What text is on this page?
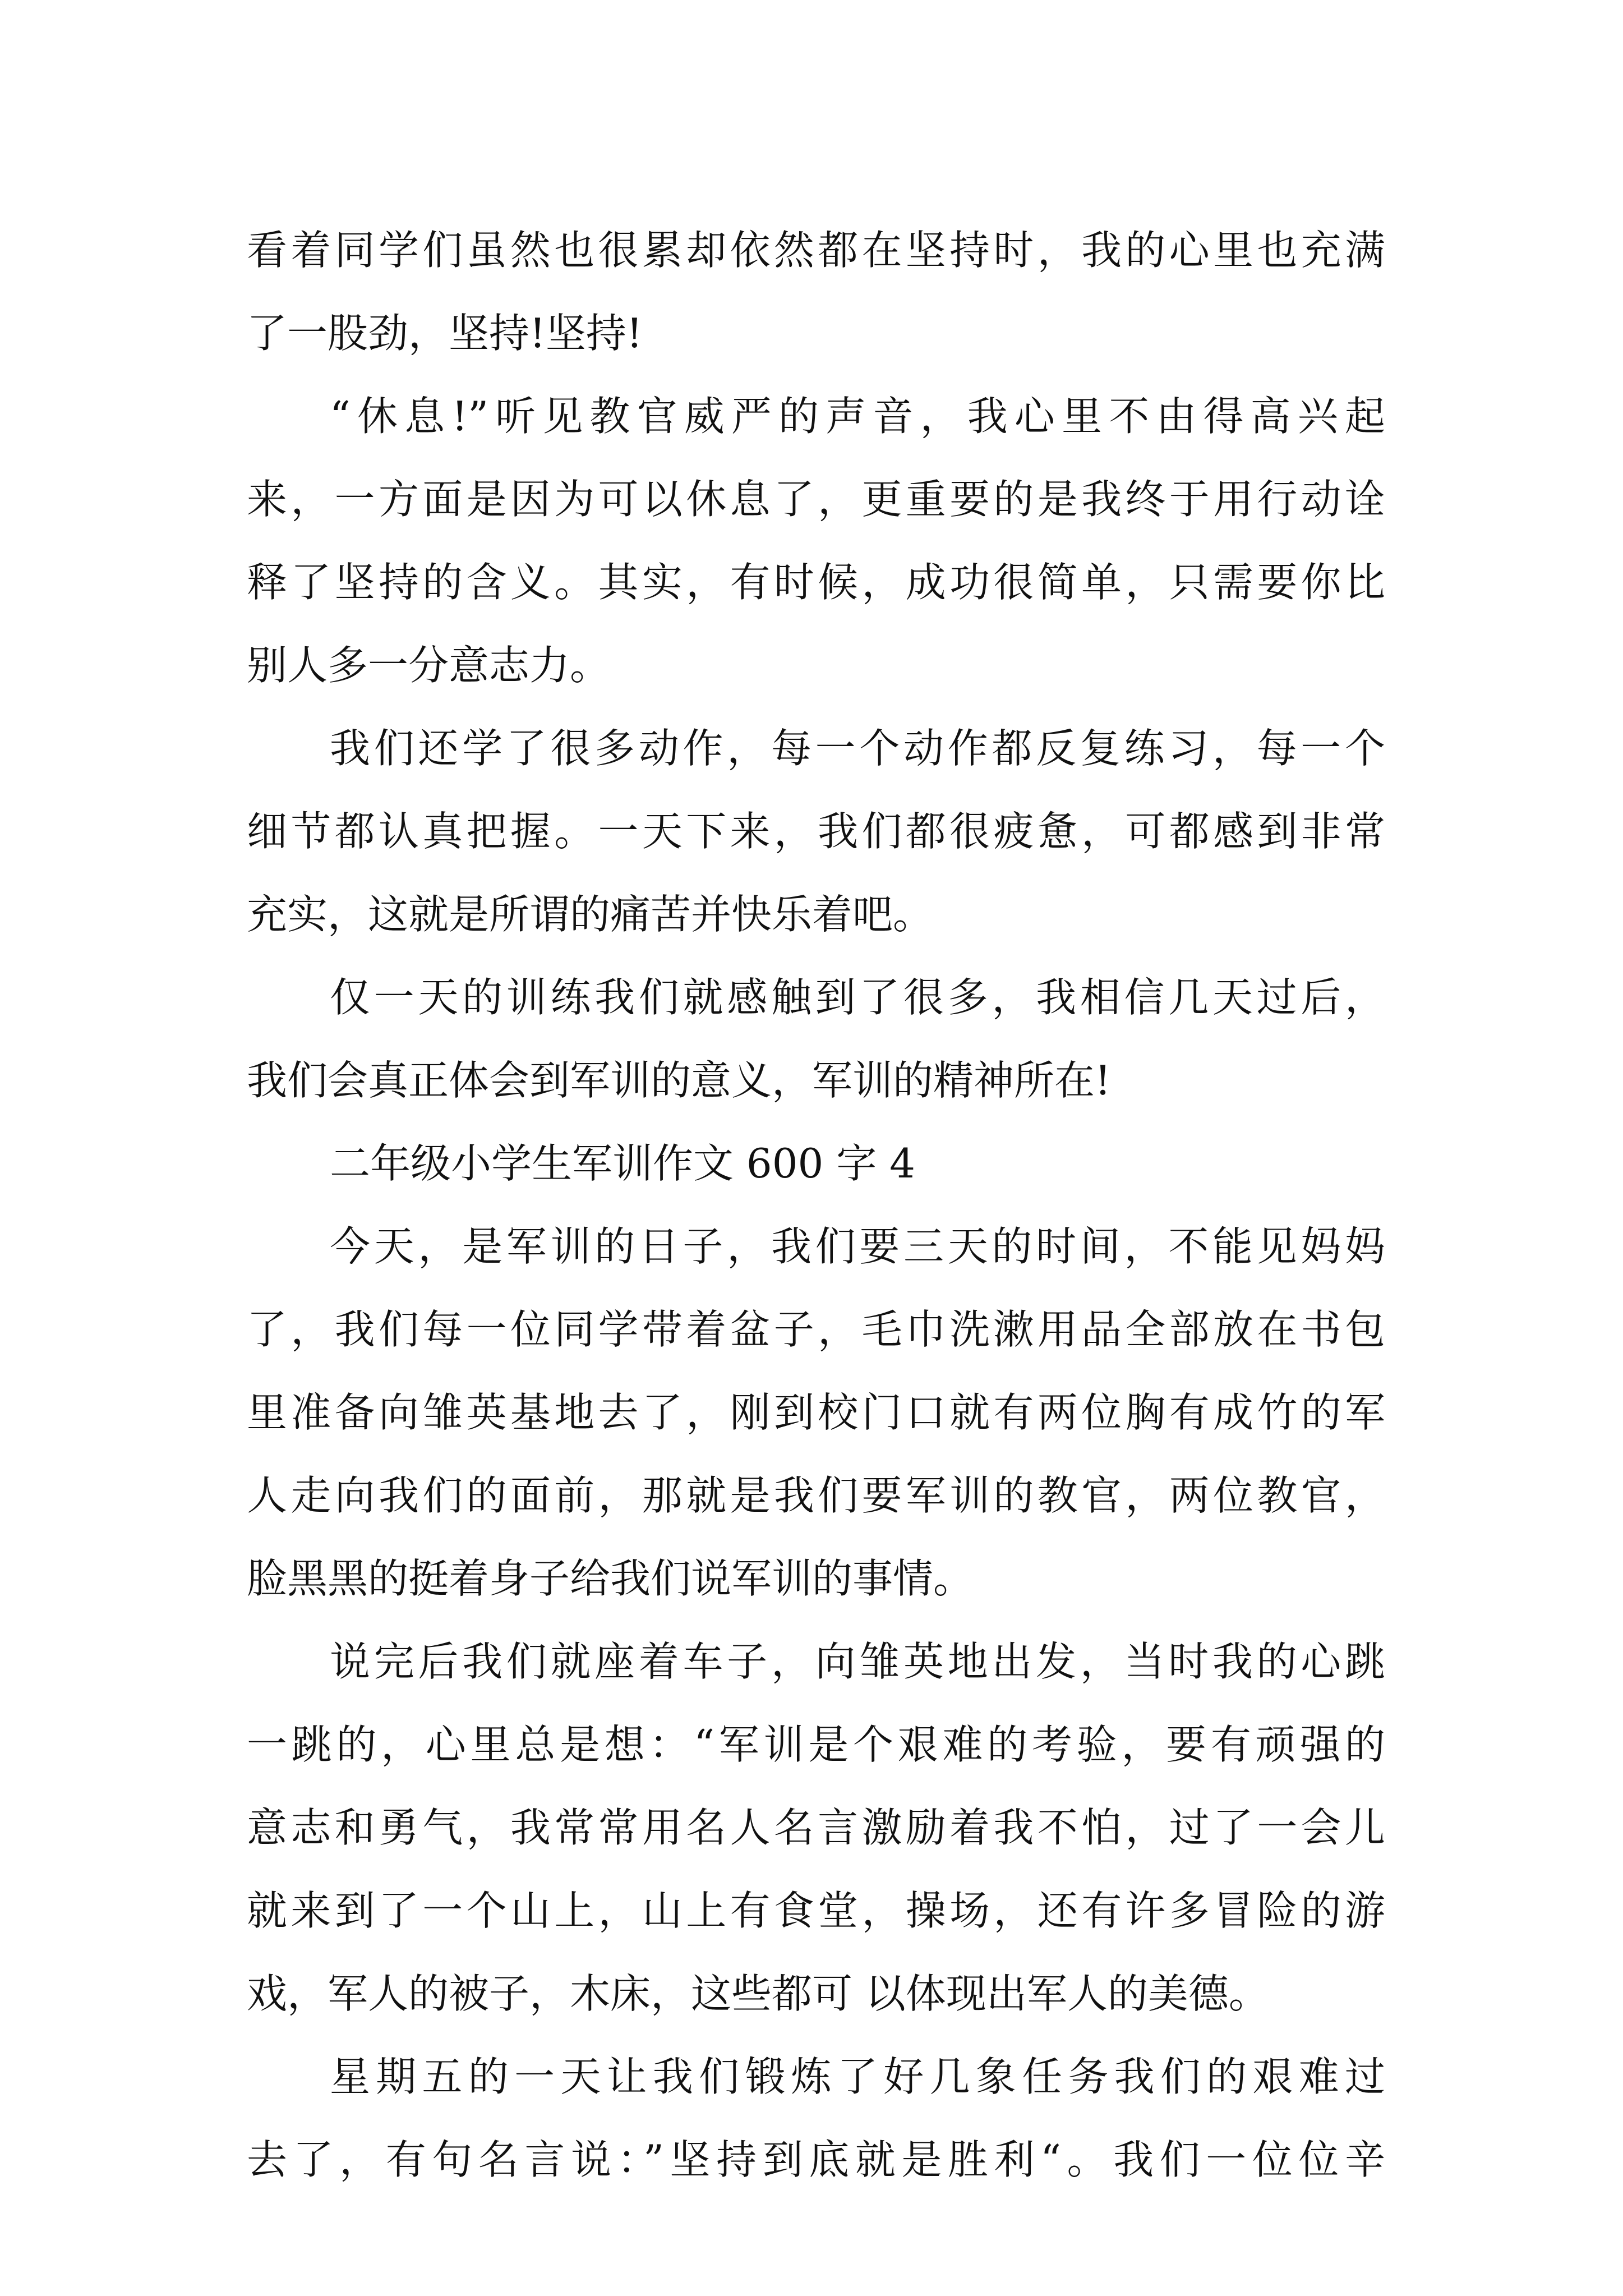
看着同学们虽然也很累却依然都在坚持时，我的心里也充满
了一股劲，坚持!坚持!
“休息!”听见教官威严的声音，我心里不由得高兴起
来，一方面是因为可以休息了，更重要的是我终于用行动诠
释了坚持的含义。其实，有时候，成功很简单，只需要你比
别人多一分意志力。
我们还学了很多动作，每一个动作都反复练习，每一个
细节都认真把握。一天下来，我们都很疲惫，可都感到非常
充实，这就是所谓的痛苦并快乐着吧。
仅一天的训练我们就感触到了很多，我相信几天过后，
我们会真正体会到军训的意义，军训的精神所在!
二年级小学生军训作文 600 字 4
今天，是军训的日子，我们要三天的时间，不能见妈妈
了，我们每一位同学带着盆子，毛巾洗漱用品全部放在书包
里准备向雏英基地去了，刚到校门口就有两位胸有成竹的军
人走向我们的面前，那就是我们要军训的教官，两位教官，
脸黑黑的挺着身子给我们说军训的事情。
说完后我们就座着车子，向雏英地出发，当时我的心跳
一跳的，心里总是想：“军训是个艰难的考验，要有顽强的
意志和勇气，我常常用名人名言激励着我不怕，过了一会儿
就来到了一个山上，山上有食堂，操场，还有许多冒险的游
戏，军人的被子，木床，这些都可 以体现出军人的美德。
星期五的一天让我们锻炼了好几象任务我们的艰难过
去了，有句名言说：”坚持到底就是胜利“。我们一位位辛
